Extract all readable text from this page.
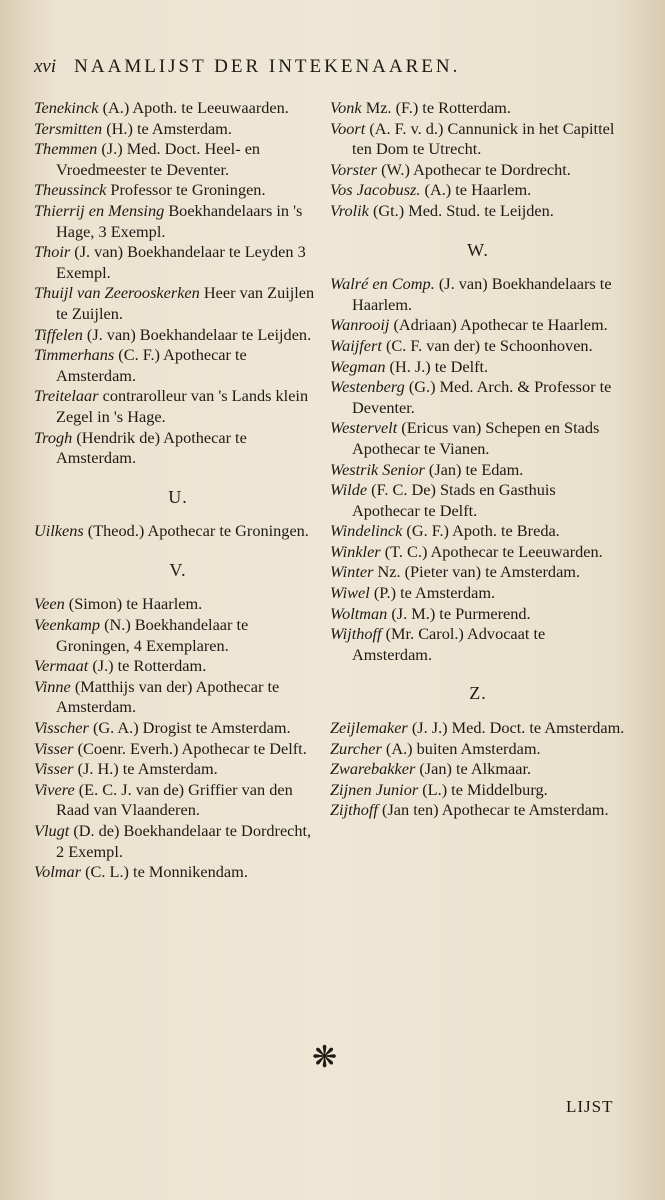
xvi NAAMLIJST DER INTEKENAAREN.

Tenekinck (A.) Apoth. te Leeuwaarden.

Tersmitten (H.) te Amsterdam.

Themmen (J.) Med. Doct. Heel- en Vroedmeester te Deventer.

Theussinck Professor te Groningen.

Thierrij en Mensing Boekhandelaars in 's Hage, 3 Exempl.

Thoir (J. van) Boekhandelaar te Leyden 3 Exempl.

Thuijl van Zeerooskerken Heer van Zuijlen te Zuijlen.

Tiffelen (J. van) Boekhandelaar te Leijden.

Timmerhans (C. F.) Apothecar te Amsterdam.

Treitelaar contrarolleur van 's Lands klein Zegel in 's Hage.

Trogh (Hendrik de) Apothecar te Amsterdam.

U.

Uilkens (Theod.) Apothecar te Groningen.

V.

Veen (Simon) te Haarlem.

Veenkamp (N.) Boekhandelaar te Groningen, 4 Exemplaren.

Vermaat (J.) te Rotterdam.

Vinne (Matthijs van der) Apothecar te Amsterdam.

Visscher (G. A.) Drogist te Amsterdam.

Visser (Coenr. Everh.) Apothecar te Delft.

Visser (J. H.) te Amsterdam.

Vivere (E. C. J. van de) Griffier van den Raad van Vlaanderen.

Vlugt (D. de) Boekhandelaar te Dordrecht, 2 Exempl.

Volmar (C. L.) te Monnikendam.

Vonk Mz. (F.) te Rotterdam.

Voort (A. F. v. d.) Cannunick in het Capittel ten Dom te Utrecht.

Vorster (W.) Apothecar te Dordrecht.

Vos Jacobusz. (A.) te Haarlem.

Vrolik (Gt.) Med. Stud. te Leijden.

W.

Walré en Comp. (J. van) Boekhandelaars te Haarlem.

Wanrooij (Adriaan) Apothecar te Haarlem.

Waijfert (C. F. van der) te Schoonhoven.

Wegman (H. J.) te Delft.

Westenberg (G.) Med. Arch. & Professor te Deventer.

Westervelt (Ericus van) Schepen en Stads Apothecar te Vianen.

Westrik Senior (Jan) te Edam.

Wilde (F. C. De) Stads en Gasthuis Apothecar te Delft.

Windelinck (G. F.) Apoth. te Breda.

Winkler (T. C.) Apothecar te Leeuwarden.

Winter Nz. (Pieter van) te Amsterdam.

Wiwel (P.) te Amsterdam.

Woltman (J. M.) te Purmerend.

Wijthoff (Mr. Carol.) Advocaat te Amsterdam.

Z.

Zeijlemaker (J. J.) Med. Doct. te Amsterdam.

Zurcher (A.) buiten Amsterdam.

Zwarebakker (Jan) te Alkmaar.

Zijnen Junior (L.) te Middelburg.

Zijthoff (Jan ten) Apothecar te Amsterdam.

❋
LIJST
